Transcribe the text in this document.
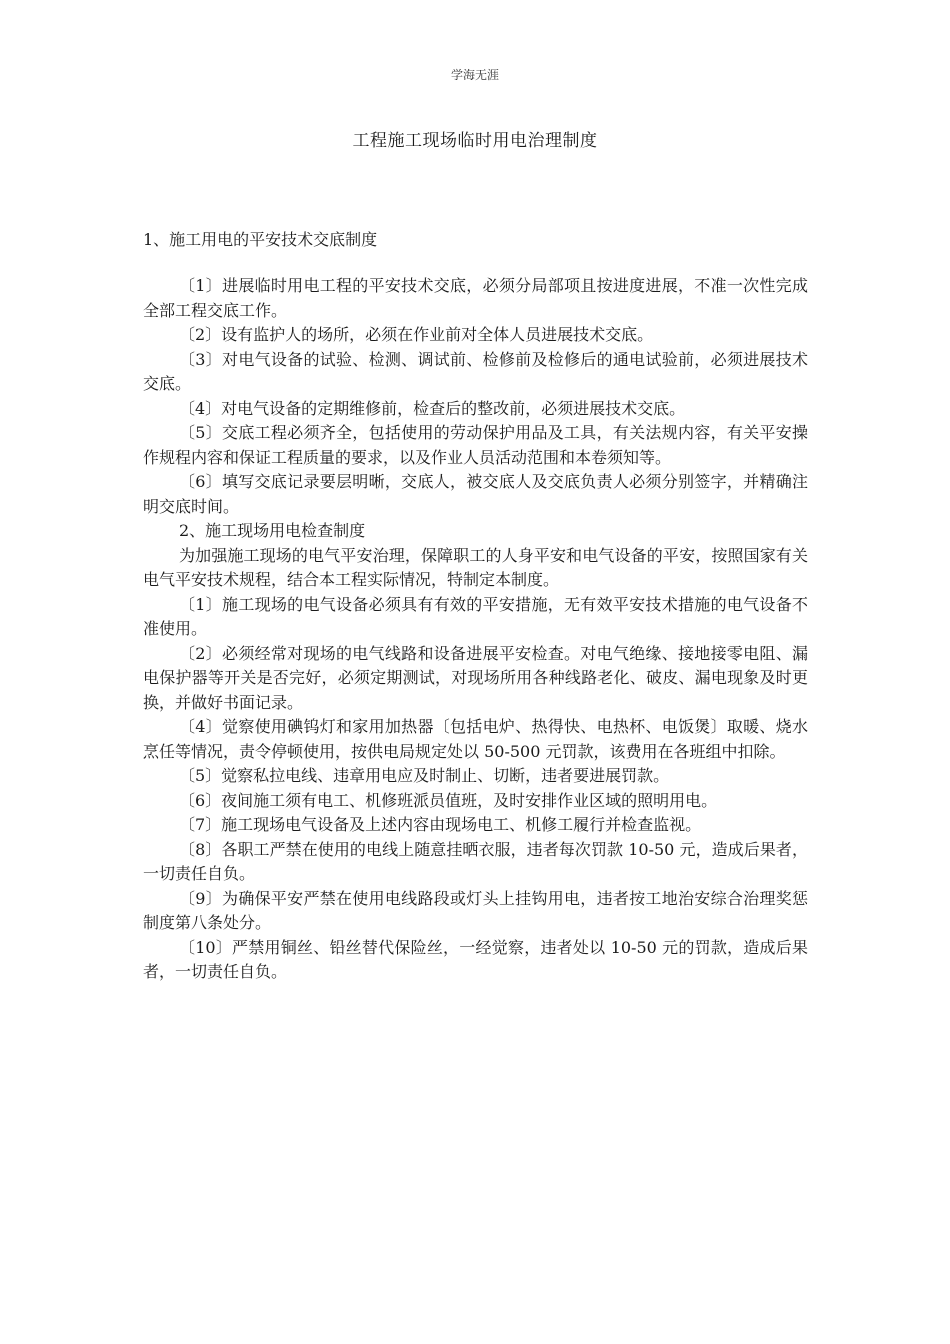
学海无涯
工程施工现场临时用电治理制度
1、施工用电的平安技术交底制度

〔1〕进展临时用电工程的平安技术交底，必须分局部项且按进度进展，不准一次性完成全部工程交底工作。

〔2〕设有监护人的场所，必须在作业前对全体人员进展技术交底。

〔3〕对电气设备的试验、检测、调试前、检修前及检修后的通电试验前，必须进展技术交底。

〔4〕对电气设备的定期维修前，检查后的整改前，必须进展技术交底。

〔5〕交底工程必须齐全，包括使用的劳动保护用品及工具，有关法规内容，有关平安操作规程内容和保证工程质量的要求，以及作业人员活动范围和本卷须知等。

〔6〕填写交底记录要层明晰，交底人，被交底人及交底负责人必须分别签字，并精确注明交底时间。

2、施工现场用电检查制度

为加强施工现场的电气平安治理，保障职工的人身平安和电气设备的平安，按照国家有关电气平安技术规程，结合本工程实际情况，特制定本制度。

〔1〕施工现场的电气设备必须具有有效的平安措施，无有效平安技术措施的电气设备不准使用。

〔2〕必须经常对现场的电气线路和设备进展平安检查。对电气绝缘、接地接零电阻、漏电保护器等开关是否完好，必须定期测试，对现场所用各种线路老化、破皮、漏电现象及时更换，并做好书面记录。

〔4〕觉察使用碘钨灯和家用加热器〔包括电炉、热得快、电热杯、电饭煲〕取暖、烧水烹任等情况，责令停顿使用，按供电局规定处以 50-500 元罚款，该费用在各班组中扣除。

〔5〕觉察私拉电线、违章用电应及时制止、切断，违者要进展罚款。

〔6〕夜间施工须有电工、机修班派员值班，及时安排作业区域的照明用电。

〔7〕施工现场电气设备及上述内容由现场电工、机修工履行并检查监视。

〔8〕各职工严禁在使用的电线上随意挂晒衣服，违者每次罚款 10-50 元，造成后果者，一切责任自负。

〔9〕为确保平安严禁在使用电线路段或灯头上挂钩用电，违者按工地治安综合治理奖惩制度第八条处分。

〔10〕严禁用铜丝、铅丝替代保险丝，一经觉察，违者处以 10-50 元的罚款，造成后果者，一切责任自负。
